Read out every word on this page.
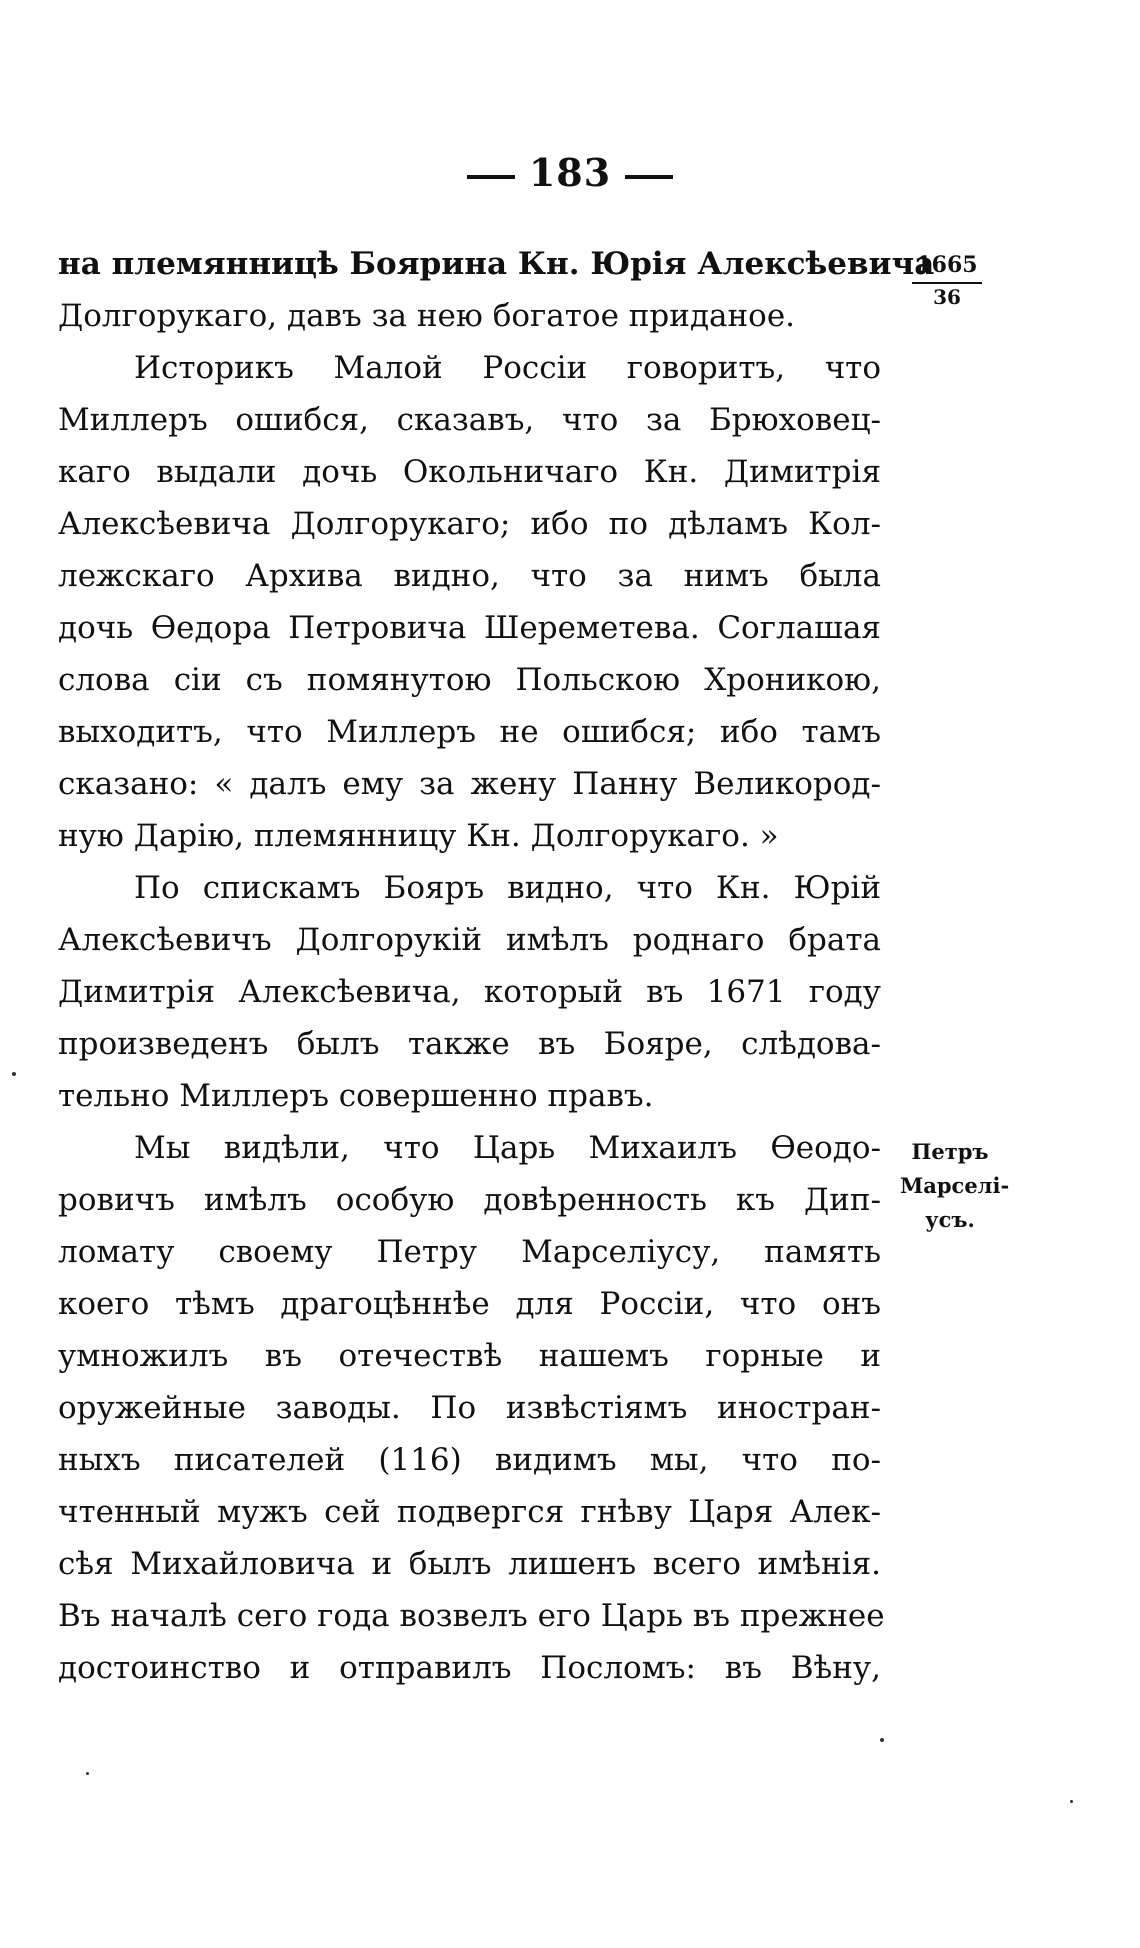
183
1665
36
Петръ
Марселі-
усъ.
на племянницѣ Боярина Кн. Юрія Алексѣевича
Долгорукаго, давъ за нею богатое приданое.
Историкъ Малой Россіи говоритъ, что
Миллеръ ошибся, сказавъ, что за Брюховец-
каго выдали дочь Окольничаго Кн. Димитрія
Алексѣевича Долгорукаго; ибо по дѣламъ Кол-
лежскаго Архива видно, что за нимъ была
дочь Ѳедора Петровича Шереметева. Соглашая
слова сіи съ помянутою Польскою Хроникою,
выходитъ, что Миллеръ не ошибся; ибо тамъ
сказано: « далъ ему за жену Панну Великород-
ную Дарію, племянницу Кн. Долгорукаго. »
По спискамъ Бояръ видно, что Кн. Юрій
Алексѣевичъ Долгорукій имѣлъ роднаго брата
Димитрія Алексѣевича, который въ 1671 году
произведенъ былъ также въ Бояре, слѣдова-
тельно Миллеръ совершенно правъ.
Мы видѣли, что Царь Михаилъ Ѳеодо-
ровичъ имѣлъ особую довѣренность къ Дип-
ломату своему Петру Марселіусу, память
коего тѣмъ драгоцѣннѣе для Россіи, что онъ
умножилъ въ отечествѣ нашемъ горные и
оружейные заводы. По извѣстіямъ иностран-
ныхъ писателей (116) видимъ мы, что по-
чтенный мужъ сей подвергся гнѣву Царя Алек-
сѣя Михайловича и былъ лишенъ всего имѣнія.
Въ началѣ сего года возвелъ его Царь въ прежнее
достоинство и отправилъ Посломъ: въ Вѣну,
